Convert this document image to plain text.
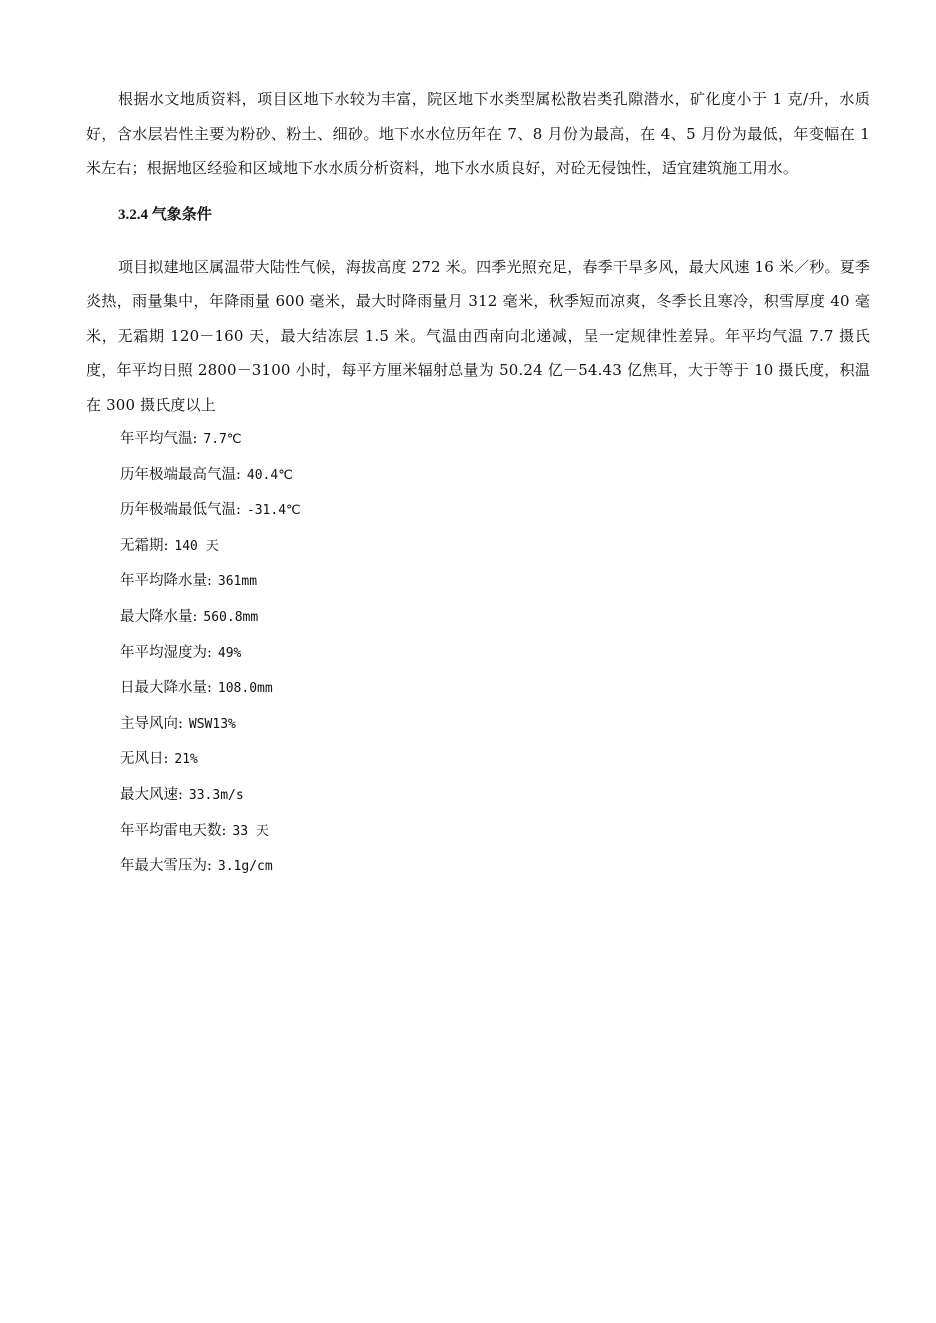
根据水文地质资料，项目区地下水较为丰富，院区地下水类型属松散岩类孔隙潜水，矿化度小于 1 克/升，水质好，含水层岩性主要为粉砂、粉土、细砂。地下水水位历年在 7、8 月份为最高，在 4、5 月份为最低，年变幅在 1 米左右；根据地区经验和区域地下水水质分析资料，地下水水质良好，对砼无侵蚀性，适宜建筑施工用水。

3.2.4 气象条件

项目拟建地区属温带大陆性气候，海拔高度 272 米。四季光照充足，春季干旱多风，最大风速 16 米／秒。夏季炎热，雨量集中，年降雨量 600 毫米，最大时降雨量月 312 毫米，秋季短而凉爽，冬季长且寒冷，积雪厚度 40 毫米，无霜期 120－160 天，最大结冻层 1.5 米。气温由西南向北递减，呈一定规律性差异。年平均气温 7.7 摄氏度，年平均日照 2800－3100 小时，每平方厘米辐射总量为 50.24 亿－54.43 亿焦耳，大于等于 10 摄氏度，积温在 300 摄氏度以上

年平均气温: 7.7℃
历年极端最高气温: 40.4℃
历年极端最低气温: -31.4℃
无霜期: 140 天
年平均降水量: 361mm
最大降水量: 560.8mm
年平均湿度为: 49%
日最大降水量: 108.0mm
主导风向: WSW13%
无风日: 21%
最大风速: 33.3m/s
年平均雷电天数: 33 天
年最大雪压为: 3.1g/cm
